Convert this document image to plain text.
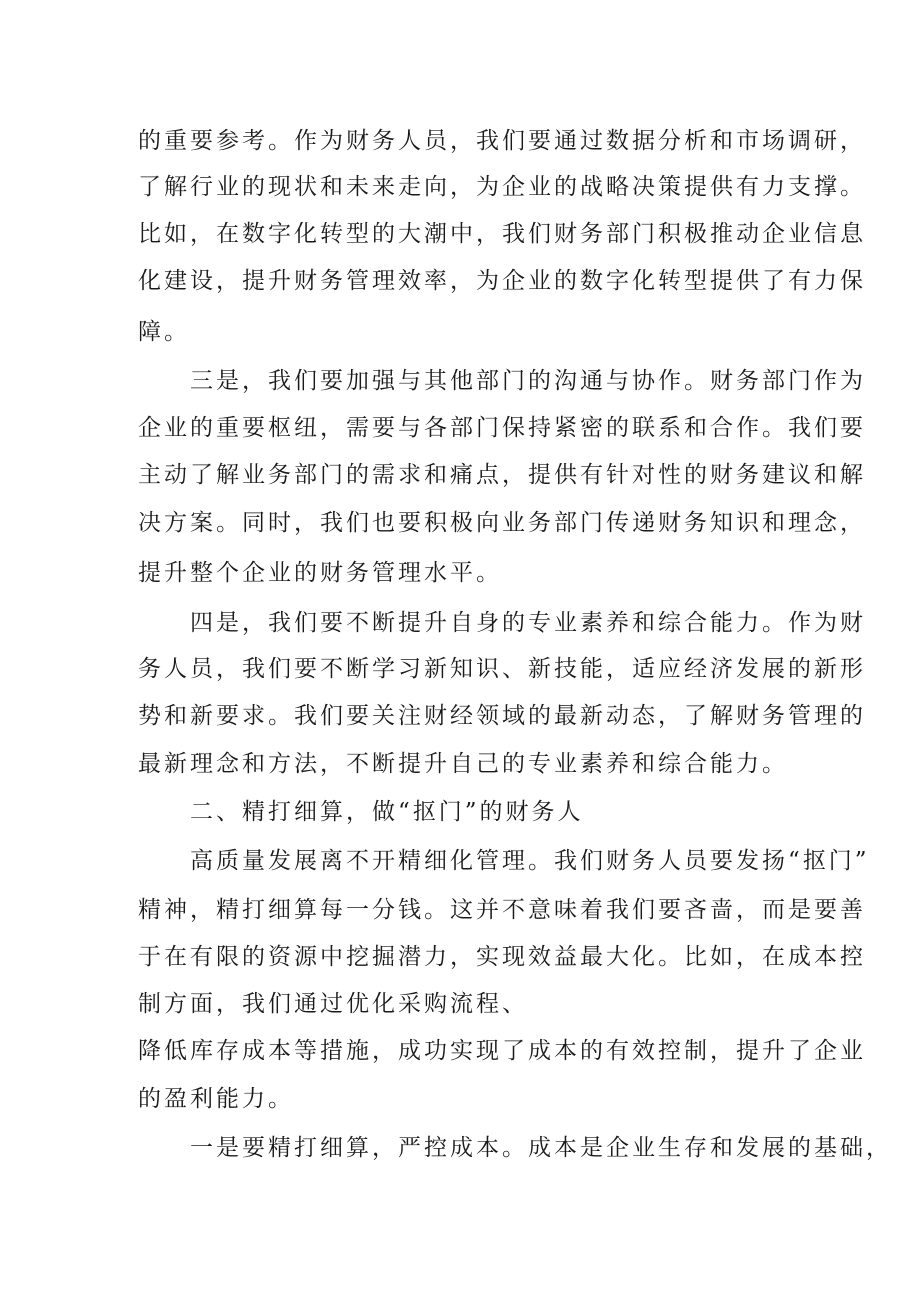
的重要参考。作为财务人员，我们要通过数据分析和市场调研，
了解行业的现状和未来走向，为企业的战略决策提供有力支撑。
比如，在数字化转型的大潮中，我们财务部门积极推动企业信息
化建设，提升财务管理效率，为企业的数字化转型提供了有力保
障。
三是，我们要加强与其他部门的沟通与协作。财务部门作为
企业的重要枢纽，需要与各部门保持紧密的联系和合作。我们要
主动了解业务部门的需求和痛点，提供有针对性的财务建议和解
决方案。同时，我们也要积极向业务部门传递财务知识和理念，
提升整个企业的财务管理水平。
四是，我们要不断提升自身的专业素养和综合能力。作为财
务人员，我们要不断学习新知识、新技能，适应经济发展的新形
势和新要求。我们要关注财经领域的最新动态，了解财务管理的
最新理念和方法，不断提升自己的专业素养和综合能力。
二、精打细算，做“抠门”的财务人
高质量发展离不开精细化管理。我们财务人员要发扬“抠门”
精神，精打细算每一分钱。这并不意味着我们要吝啬，而是要善
于在有限的资源中挖掘潜力，实现效益最大化。比如，在成本控
制方面，我们通过优化采购流程、
降低库存成本等措施，成功实现了成本的有效控制，提升了企业
的盈利能力。
一是要精打细算，严控成本。成本是企业生存和发展的基础，
